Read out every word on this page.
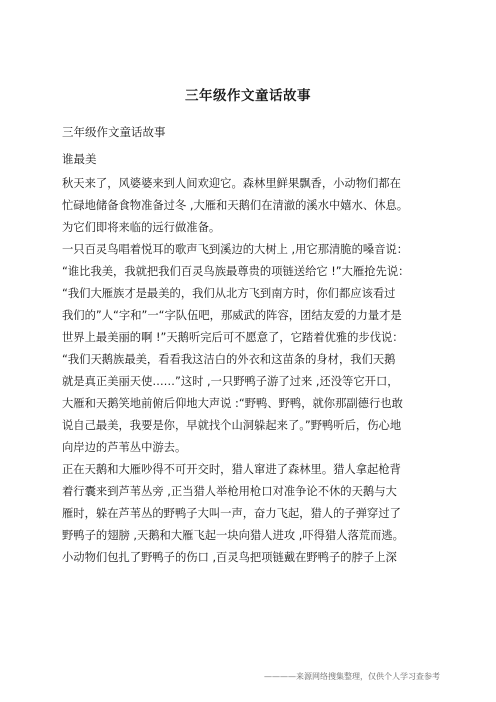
三年级作文童话故事
三年级作文童话故事
谁最美
秋天来了，风婆婆来到人间欢迎它。森林里鲜果飘香，小动物们都在
忙碌地储备食物准备过冬 ,大雁和天鹅们在清澈的溪水中嬉水、休息。
为它们即将来临的远行做准备。
一只百灵鸟唱着悦耳的歌声飞到溪边的大树上 ,用它那清脆的嗓音说：
“谁比我美，我就把我们百灵鸟族最尊贵的项链送给它 !”大雁抢先说：
“我们大雁族才是最美的，我们从北方飞到南方时，你们都应该看过
我们的”人“字和”一“字队伍吧，那威武的阵容，团结友爱的力量才是
世界上最美丽的啊 !”天鹅听完后可不愿意了，它踏着优雅的步伐说：
“我们天鹅族最美，看看我这洁白的外衣和这苗条的身材，我们天鹅
就是真正美丽天使……”这时 ,一只野鸭子游了过来 ,还没等它开口，
大雁和天鹅笑地前俯后仰地大声说 :“野鸭、野鸭，就你那副德行也敢
说自己最美，我要是你，早就找个山洞躲起来了。”野鸭听后，伤心地
向岸边的芦苇丛中游去。
正在天鹅和大雁吵得不可开交时，猎人窜进了森林里。猎人拿起枪背
着行囊来到芦苇丛旁 ,正当猎人举枪用枪口对准争论不休的天鹅与大
雁时，躲在芦苇丛的野鸭子大叫一声，奋力飞起，猎人的子弹穿过了
野鸭子的翅膀 ,天鹅和大雁飞起一块向猎人进攻 ,吓得猎人落荒而逃。
小动物们包扎了野鸭子的伤口 ,百灵鸟把项链戴在野鸭子的脖子上深
————来源网络搜集整理，仅供个人学习查参考
